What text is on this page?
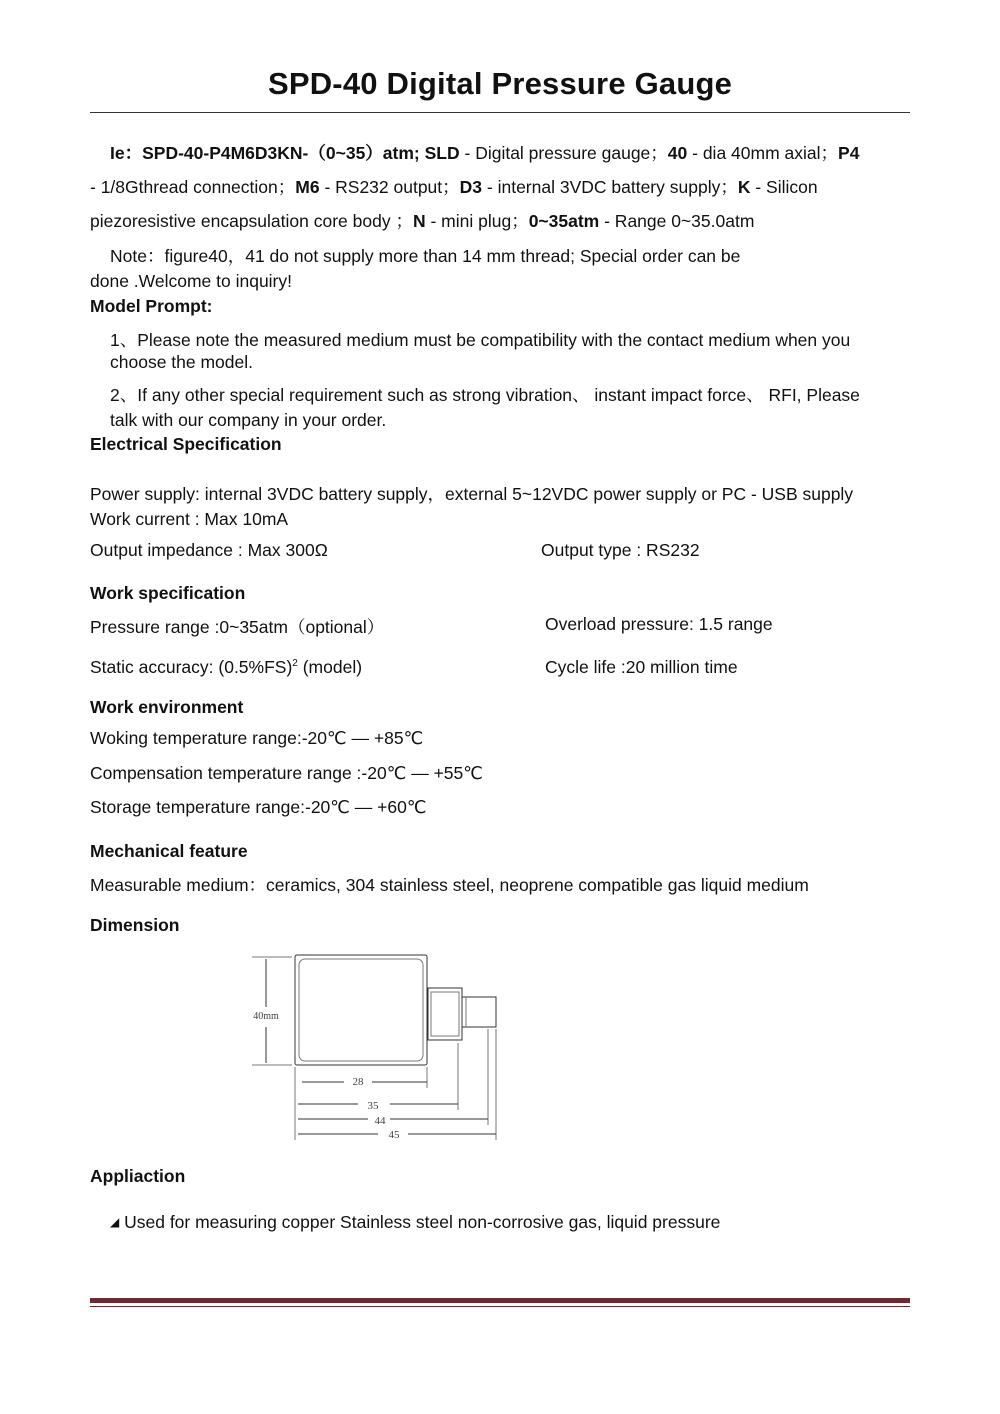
SPD-40 Digital Pressure Gauge
Ie：SPD-40-P4M6D3KN-（0~35）atm; SLD - Digital pressure gauge；40 - dia 40mm axial；P4
- 1/8Gthread connection；M6 - RS232 output；D3 - internal 3VDC battery supply；K - Silicon
piezoresistive encapsulation core body ；N - mini plug；0~35atm - Range 0~35.0atm
Note：figure40，41 do not supply more than 14 mm thread; Special order can be
done .Welcome to inquiry!
Model Prompt:
1、Please note the measured medium must be compatibility with the contact medium when you
choose the model.
2、If any other special requirement such as strong vibration、 instant impact force、 RFI, Please
talk with our company in your order.
Electrical Specification
Power supply: internal 3VDC battery supply，external 5~12VDC power supply or PC - USB supply
Work current : Max 10mA
Output impedance : Max 300Ω	Output type : RS232
Work specification
Pressure range :0~35atm（optional）	Overload pressure: 1.5 range
Static accuracy: $(0.5\%FS)^2$ (model)	Cycle life :20 million time
Work environment
Woking temperature range:-20℃ — +85℃
Compensation temperature range :-20℃ — +55℃
Storage temperature range:-20℃ — +60℃
Mechanical feature
Measurable medium：ceramics, 304 stainless steel, neoprene compatible gas liquid medium
Dimension
40mm
28
35
44
45
Appliaction
◢ Used for measuring copper Stainless steel non-corrosive gas, liquid pressure
